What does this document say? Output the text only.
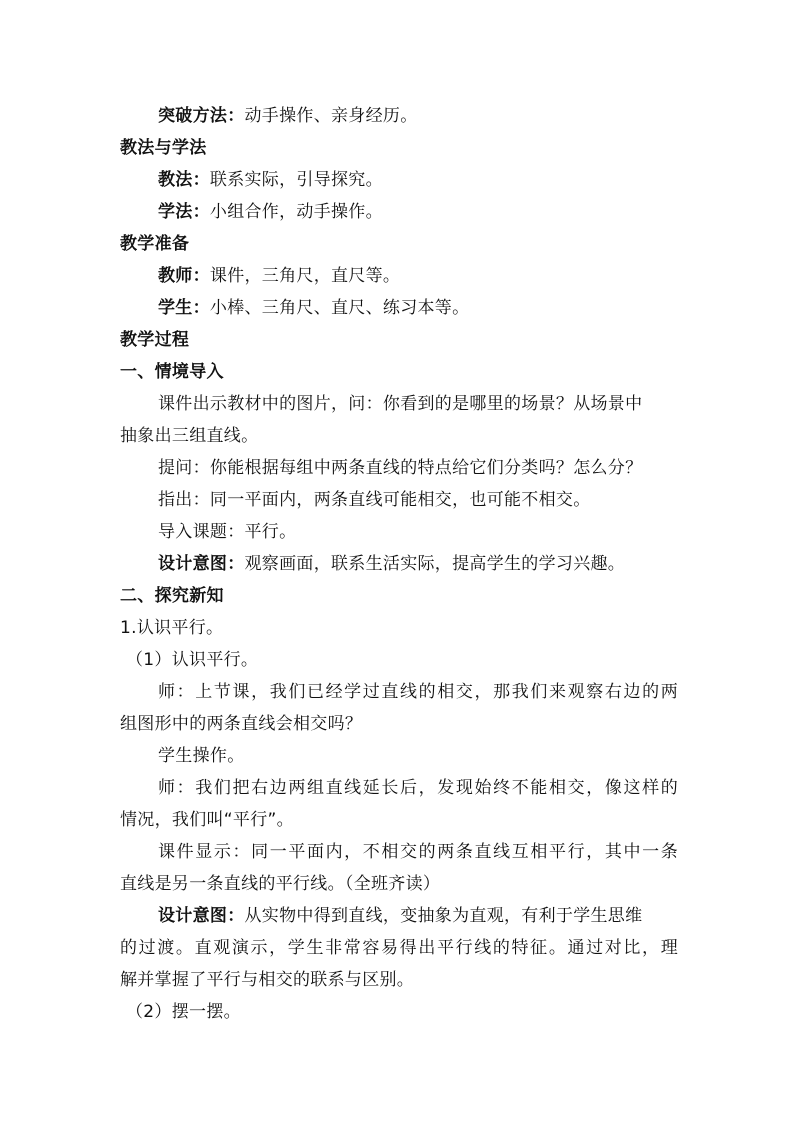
突破方法：动手操作、亲身经历。
教法与学法
教法：联系实际，引导探究。
学法：小组合作，动手操作。
教学准备
教师：课件，三角尺，直尺等。
学生：小棒、三角尺、直尺、练习本等。
教学过程
一、情境导入
课件出示教材中的图片，问：你看到的是哪里的场景？从场景中
抽象出三组直线。
提问：你能根据每组中两条直线的特点给它们分类吗？怎么分？
指出：同一平面内，两条直线可能相交，也可能不相交。
导入课题：平行。
设计意图：观察画面，联系生活实际，提高学生的学习兴趣。
二、探究新知
1.认识平行。
（1）认识平行。
师：上节课，我们已经学过直线的相交，那我们来观察右边的两
组图形中的两条直线会相交吗？
学生操作。
师：我们把右边两组直线延长后，发现始终不能相交，像这样的
情况，我们叫“平行”。
课件显示：同一平面内，不相交的两条直线互相平行，其中一条
直线是另一条直线的平行线。（全班齐读）
设计意图：从实物中得到直线，变抽象为直观，有利于学生思维
的过渡。直观演示，学生非常容易得出平行线的特征。通过对比，理
解并掌握了平行与相交的联系与区别。
（2）摆一摆。
